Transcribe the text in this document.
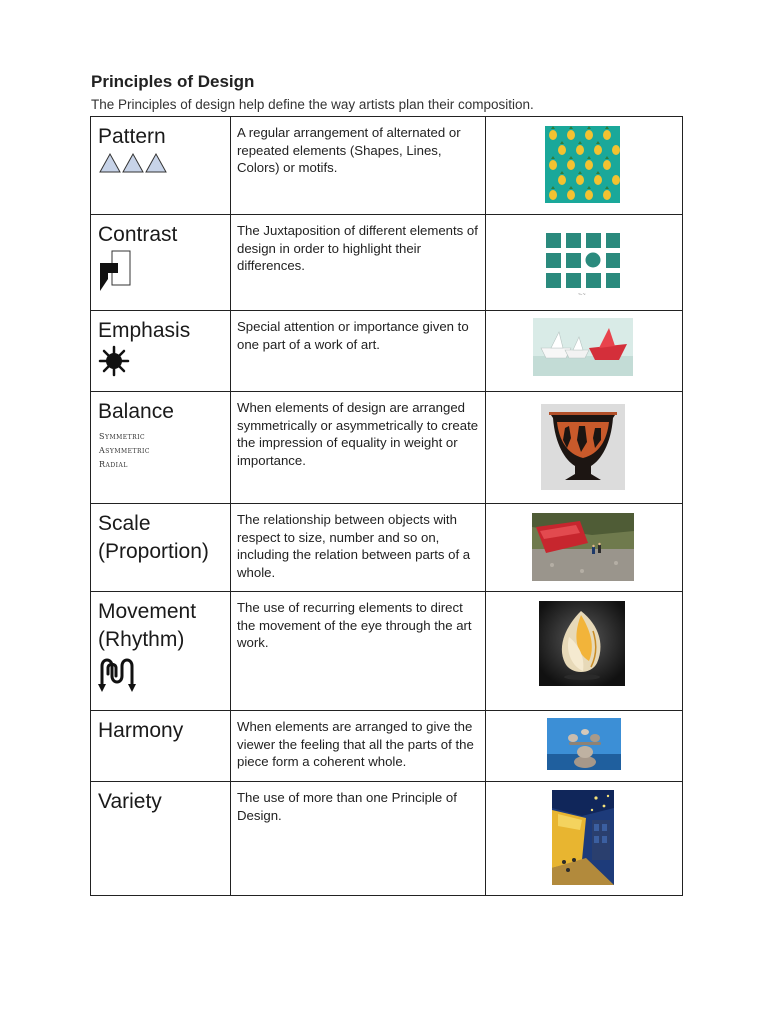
Principles of Design
The Principles of design help define the way artists plan their composition.
Pattern	A regular arrangement of alternated or repeated elements (Shapes, Lines, Colors) or motifs.

Contrast	The Juxtaposition of different elements of design in order to highlight their differences.	~·~

Emphasis	Special attention or importance given to one part of a work of art.

Balance
Symmetric
Asymmetric
Radial	When elements of design are arranged symmetrically or asymmetrically to create the impression of equality in weight or importance.

Scale
(Proportion)	The relationship between objects with respect to size, number and so on, including the relation between parts of a whole.

Movement
(Rhythm)	The use of recurring elements to direct the movement of the eye through the art work.

Harmony	When elements are arranged to give the viewer the feeling that all the parts of the piece form a coherent whole.

Variety	The use of more than one Principle of Design.
